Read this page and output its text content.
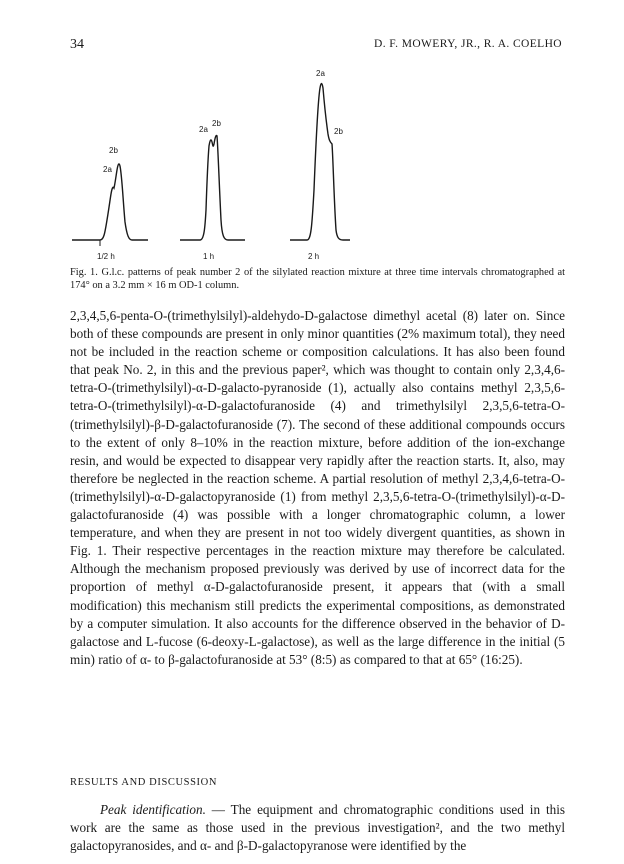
34	D. F. MOWERY, JR., R. A. COELHO
2a
2b
2a
2b
2a
2b
1/2 h	1 h	2 h
Fig. 1. G.l.c. patterns of peak number 2 of the silylated reaction mixture at three time intervals chromatographed at 174° on a 3.2 mm × 16 m OD-1 column.

2,3,4,5,6-penta-O-(trimethylsilyl)-aldehydo-D-galactose dimethyl acetal (8) later on. Since both of these compounds are present in only minor quantities (2% maximum total), they need not be included in the reaction scheme or composition calculations. It has also been found that peak No. 2, in this and the previous paper², which was thought to contain only 2,3,4,6-tetra-O-(trimethylsilyl)-α-D-galacto-pyranoside (1), actually also contains methyl 2,3,5,6-tetra-O-(trimethylsilyl)-α-D-galactofuranoside (4) and trimethylsilyl 2,3,5,6-tetra-O-(trimethylsilyl)-β-D-galactofuranoside (7). The second of these additional compounds occurs to the extent of only 8–10% in the reaction mixture, before addition of the ion-exchange resin, and would be expected to disappear very rapidly after the reaction starts. It, also, may therefore be neglected in the reaction scheme. A partial resolution of methyl 2,3,4,6-tetra-O-(trimethylsilyl)-α-D-galactopyranoside (1) from methyl 2,3,5,6-tetra-O-(trimethylsilyl)-α-D-galactofuranoside (4) was possible with a longer chromatographic column, a lower temperature, and when they are present in not too widely divergent quantities, as shown in Fig. 1. Their respective percentages in the reaction mixture may therefore be calculated. Although the mechanism proposed previously was derived by use of incorrect data for the proportion of methyl α-D-galactofuranoside present, it appears that (with a small modification) this mechanism still predicts the experimental compositions, as demonstrated by a computer simulation. It also accounts for the difference observed in the behavior of D-galactose and L-fucose (6-deoxy-L-galactose), as well as the large difference in the initial (5 min) ratio of α- to β-galactofuranoside at 53° (8:5) as compared to that at 65° (16:25).

RESULTS AND DISCUSSION

Peak identification. — The equipment and chromatographic conditions used in this work are the same as those used in the previous investigation², and the two methyl galactopyranosides, and α- and β-D-galactopyranose were identified by the
